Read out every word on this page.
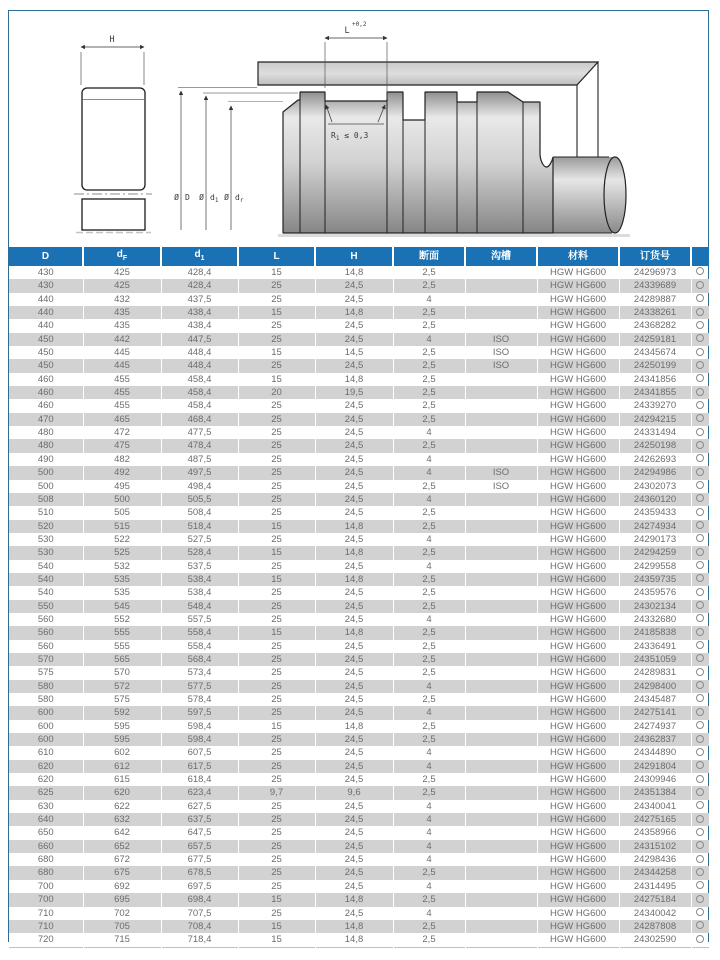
H
L
+0,2
$R_1 \le 0,3$
Ø D Ø $d_1$ Ø $d_r$
D	$d_F$	$d_1$	L	H	断面	沟槽	材料	订货号	
430	425	428,4	15	14,8	2,5		HGW HG600	24296973	
430	425	428,4	25	24,5	2,5		HGW HG600	24339689	
440	432	437,5	25	24,5	4		HGW HG600	24289887	
440	435	438,4	15	14,8	2,5		HGW HG600	24338261	
440	435	438,4	25	24,5	2,5		HGW HG600	24368282	
450	442	447,5	25	24,5	4	ISO	HGW HG600	24259181	
450	445	448,4	15	14,5	2,5	ISO	HGW HG600	24345674	
450	445	448,4	25	24,5	2,5	ISO	HGW HG600	24250199	
460	455	458,4	15	14,8	2,5		HGW HG600	24341856	
460	455	458,4	20	19,5	2,5		HGW HG600	24341855	
460	455	458,4	25	24,5	2,5		HGW HG600	24339270	
470	465	468,4	25	24,5	2,5		HGW HG600	24294215	
480	472	477,5	25	24,5	4		HGW HG600	24331494	
480	475	478,4	25	24,5	2,5		HGW HG600	24250198	
490	482	487,5	25	24,5	4		HGW HG600	24262693	
500	492	497,5	25	24,5	4	ISO	HGW HG600	24294986	
500	495	498,4	25	24,5	2,5	ISO	HGW HG600	24302073	
508	500	505,5	25	24,5	4		HGW HG600	24360120	
510	505	508,4	25	24,5	2,5		HGW HG600	24359433	
520	515	518,4	15	14,8	2,5		HGW HG600	24274934	
530	522	527,5	25	24,5	4		HGW HG600	24290173	
530	525	528,4	15	14,8	2,5		HGW HG600	24294259	
540	532	537,5	25	24,5	4		HGW HG600	24299558	
540	535	538,4	15	14,8	2,5		HGW HG600	24359735	
540	535	538,4	25	24,5	2,5		HGW HG600	24359576	
550	545	548,4	25	24,5	2,5		HGW HG600	24302134	
560	552	557,5	25	24,5	4		HGW HG600	24332680	
560	555	558,4	15	14,8	2,5		HGW HG600	24185838	
560	555	558,4	25	24,5	2,5		HGW HG600	24336491	
570	565	568,4	25	24,5	2,5		HGW HG600	24351059	
575	570	573,4	25	24,5	2,5		HGW HG600	24289831	
580	572	577,5	25	24,5	4		HGW HG600	24298400	
580	575	578,4	25	24,5	2,5		HGW HG600	24345487	
600	592	597,5	25	24,5	4		HGW HG600	24275141	
600	595	598,4	15	14,8	2,5		HGW HG600	24274937	
600	595	598,4	25	24,5	2,5		HGW HG600	24362837	
610	602	607,5	25	24,5	4		HGW HG600	24344890	
620	612	617,5	25	24,5	4		HGW HG600	24291804	
620	615	618,4	25	24,5	2,5		HGW HG600	24309946	
625	620	623,4	9,7	9,6	2,5		HGW HG600	24351384	
630	622	627,5	25	24,5	4		HGW HG600	24340041	
640	632	637,5	25	24,5	4		HGW HG600	24275165	
650	642	647,5	25	24,5	4		HGW HG600	24358966	
660	652	657,5	25	24,5	4		HGW HG600	24315102	
680	672	677,5	25	24,5	4		HGW HG600	24298436	
680	675	678,5	25	24,5	2,5		HGW HG600	24344258	
700	692	697,5	25	24,5	4		HGW HG600	24314495	
700	695	698,4	15	14,8	2,5		HGW HG600	24275184	
710	702	707,5	25	24,5	4		HGW HG600	24340042	
710	705	708,4	15	14,8	2,5		HGW HG600	24287808	
720	715	718,4	15	14,8	2,5		HGW HG600	24302590	
